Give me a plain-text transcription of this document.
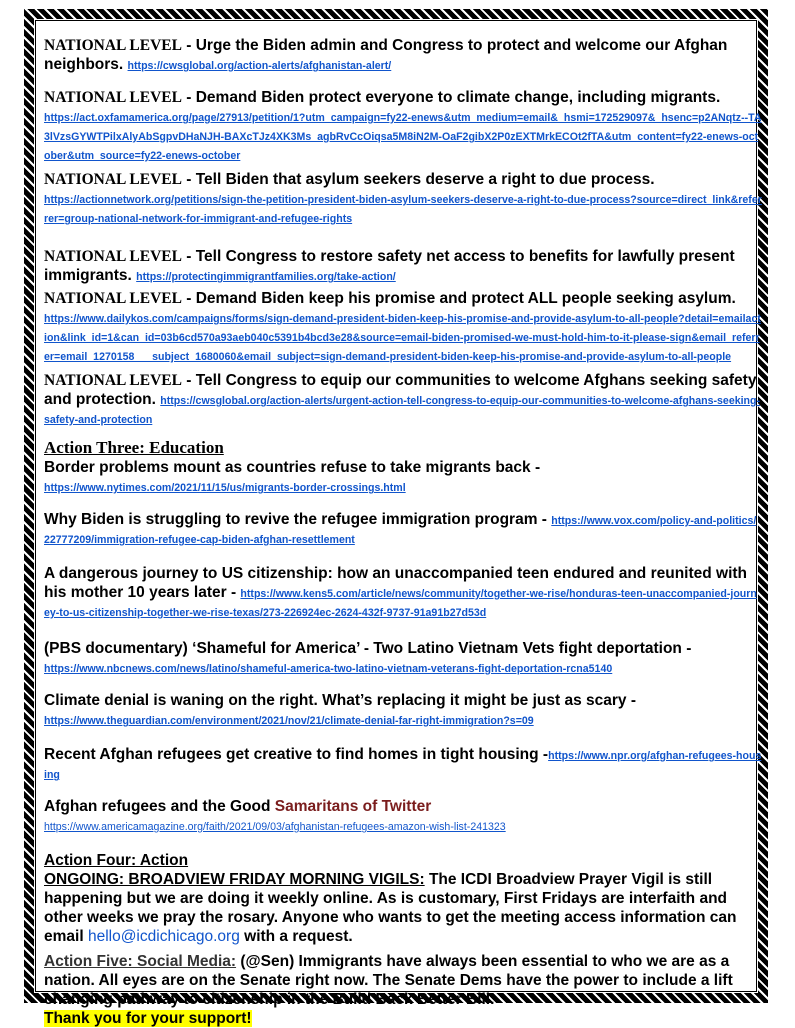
NATIONAL LEVEL - Urge the Biden admin and Congress to protect and welcome our Afghan neighbors. https://cwsglobal.org/action-alerts/afghanistan-alert/

NATIONAL LEVEL - Demand Biden protect everyone to climate change, including migrants.
https://act.oxfamamerica.org/page/27913/petition/1?utm_campaign=fy22-enews&utm_medium=email&_hsmi=172529097&_hsenc=p2ANqtz--TA3lVzsGYWTPilxAlyAbSgpvDHaNJH-BAXcTJz4XK3Ms_agbRvCcOiqsa5M8iN2M-OaF2gibX2P0zEXTMrkECOt2fTA&utm_content=fy22-enews-october&utm_source=fy22-enews-october

NATIONAL LEVEL - Tell Biden that asylum seekers deserve a right to due process.
https://actionnetwork.org/petitions/sign-the-petition-president-biden-asylum-seekers-deserve-a-right-to-due-process?source=direct_link&referrer=group-national-network-for-immigrant-and-refugee-rights

NATIONAL LEVEL - Tell Congress to restore safety net access to benefits for lawfully present immigrants. https://protectingimmigrantfamilies.org/take-action/

NATIONAL LEVEL - Demand Biden keep his promise and protect ALL people seeking asylum.
https://www.dailykos.com/campaigns/forms/sign-demand-president-biden-keep-his-promise-and-provide-asylum-to-all-people?detail=emailaction&link_id=1&can_id=03b6cd570a93aeb040c5391b4bcd3e28&source=email-biden-promised-we-must-hold-him-to-it-please-sign&email_referrer=email_1270158___subject_1680060&email_subject=sign-demand-president-biden-keep-his-promise-and-provide-asylum-to-all-people

NATIONAL LEVEL - Tell Congress to equip our communities to welcome Afghans seeking safety and protection. https://cwsglobal.org/action-alerts/urgent-action-tell-congress-to-equip-our-communities-to-welcome-afghans-seeking-safety-and-protection

Action Three: Education

Border problems mount as countries refuse to take migrants back -
https://www.nytimes.com/2021/11/15/us/migrants-border-crossings.html

Why Biden is struggling to revive the refugee immigration program - https://www.vox.com/policy-and-politics/22777209/immigration-refugee-cap-biden-afghan-resettlement

A dangerous journey to US citizenship: how an unaccompanied teen endured and reunited with his mother 10 years later - https://www.kens5.com/article/news/community/together-we-rise/honduras-teen-unaccompanied-journey-to-us-citizenship-together-we-rise-texas/273-226924ec-2624-432f-9737-91a91b27d53d

(PBS documentary) ‘Shameful for America’ - Two Latino Vietnam Vets fight deportation -
https://www.nbcnews.com/news/latino/shameful-america-two-latino-vietnam-veterans-fight-deportation-rcna5140

Climate denial is waning on the right. What’s replacing it might be just as scary -
https://www.theguardian.com/environment/2021/nov/21/climate-denial-far-right-immigration?s=09

Recent Afghan refugees get creative to find homes in tight housing -https://www.npr.org/afghan-refugees-housing

Afghan refugees and the Good Samaritans of Twitter
https://www.americamagazine.org/faith/2021/09/03/afghanistan-refugees-amazon-wish-list-241323

Action Four: Action
ONGOING: BROADVIEW FRIDAY MORNING VIGILS: The ICDI Broadview Prayer Vigil is still happening but we are doing it weekly online. As is customary, First Fridays are interfaith and other weeks we pray the rosary. Anyone who wants to get the meeting access information can email hello@icdichicago.org with a request.

Action Five: Social Media: (@Sen) Immigrants have always been essential to who we are as a nation. All eyes are on the Senate right now. The Senate Dems have the power to include a lift changing pathway to citizenship in the Build Back Better Bill.
Thank you for your support!
